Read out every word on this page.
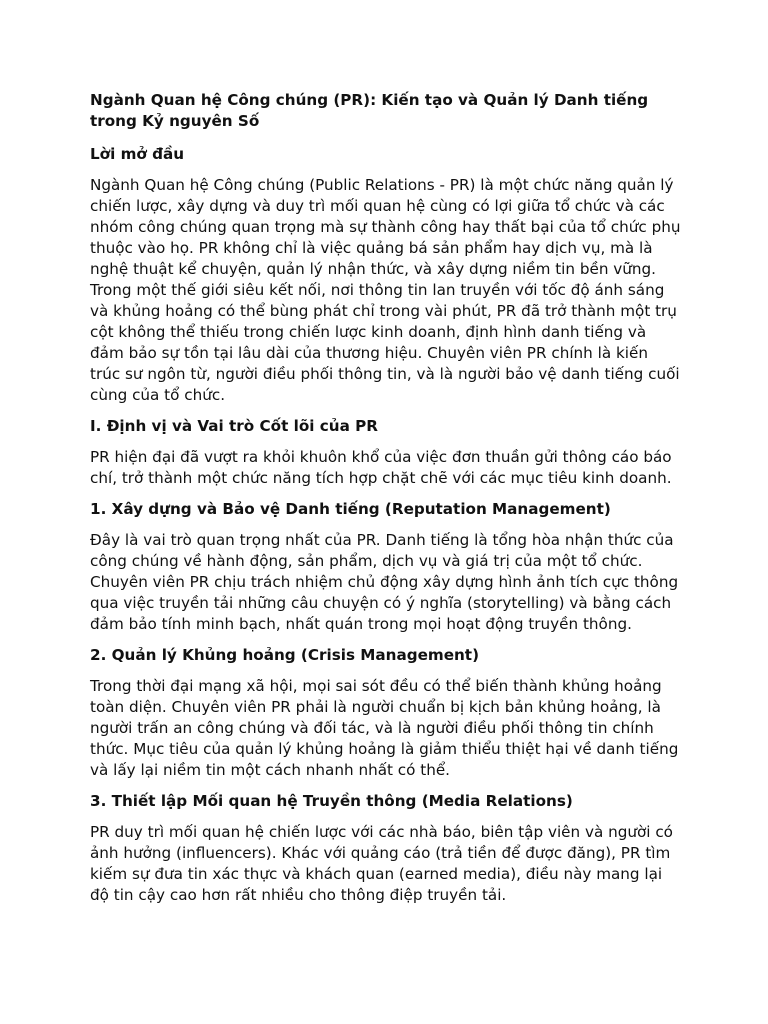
Ngành Quan hệ Công chúng (PR): Kiến tạo và Quản lý Danh tiếng trong Kỷ nguyên Số
Lời mở đầu
Ngành Quan hệ Công chúng (Public Relations - PR) là một chức năng quản lý chiến lược, xây dựng và duy trì mối quan hệ cùng có lợi giữa tổ chức và các nhóm công chúng quan trọng mà sự thành công hay thất bại của tổ chức phụ thuộc vào họ. PR không chỉ là việc quảng bá sản phẩm hay dịch vụ, mà là nghệ thuật kể chuyện, quản lý nhận thức, và xây dựng niềm tin bền vững. Trong một thế giới siêu kết nối, nơi thông tin lan truyền với tốc độ ánh sáng và khủng hoảng có thể bùng phát chỉ trong vài phút, PR đã trở thành một trụ cột không thể thiếu trong chiến lược kinh doanh, định hình danh tiếng và đảm bảo sự tồn tại lâu dài của thương hiệu. Chuyên viên PR chính là kiến trúc sư ngôn từ, người điều phối thông tin, và là người bảo vệ danh tiếng cuối cùng của tổ chức.
I. Định vị và Vai trò Cốt lõi của PR
PR hiện đại đã vượt ra khỏi khuôn khổ của việc đơn thuần gửi thông cáo báo chí, trở thành một chức năng tích hợp chặt chẽ với các mục tiêu kinh doanh.
1. Xây dựng và Bảo vệ Danh tiếng (Reputation Management)
Đây là vai trò quan trọng nhất của PR. Danh tiếng là tổng hòa nhận thức của công chúng về hành động, sản phẩm, dịch vụ và giá trị của một tổ chức. Chuyên viên PR chịu trách nhiệm chủ động xây dựng hình ảnh tích cực thông qua việc truyền tải những câu chuyện có ý nghĩa (storytelling) và bằng cách đảm bảo tính minh bạch, nhất quán trong mọi hoạt động truyền thông.
2. Quản lý Khủng hoảng (Crisis Management)
Trong thời đại mạng xã hội, mọi sai sót đều có thể biến thành khủng hoảng toàn diện. Chuyên viên PR phải là người chuẩn bị kịch bản khủng hoảng, là người trấn an công chúng và đối tác, và là người điều phối thông tin chính thức. Mục tiêu của quản lý khủng hoảng là giảm thiểu thiệt hại về danh tiếng và lấy lại niềm tin một cách nhanh nhất có thể.
3. Thiết lập Mối quan hệ Truyền thông (Media Relations)
PR duy trì mối quan hệ chiến lược với các nhà báo, biên tập viên và người có ảnh hưởng (influencers). Khác với quảng cáo (trả tiền để được đăng), PR tìm kiếm sự đưa tin xác thực và khách quan (earned media), điều này mang lại độ tin cậy cao hơn rất nhiều cho thông điệp truyền tải.
